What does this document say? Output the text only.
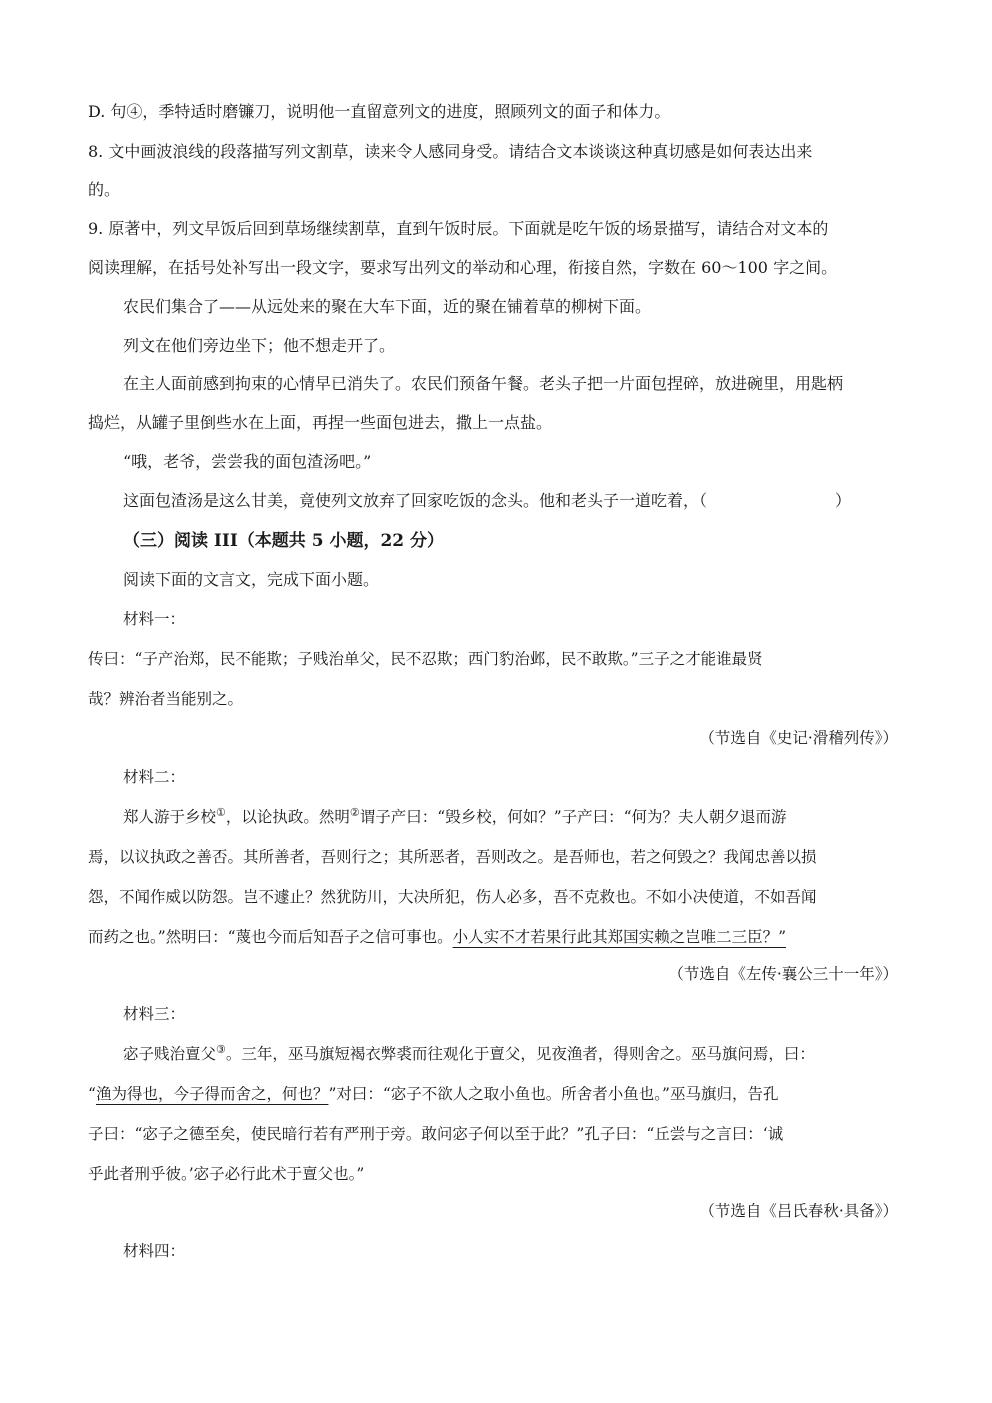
D. 句④，季特适时磨镰刀，说明他一直留意列文的进度，照顾列文的面子和体力。
8. 文中画波浪线的段落描写列文割草，读来令人感同身受。请结合文本谈谈这种真切感是如何表达出来
的。
9. 原著中，列文早饭后回到草场继续割草，直到午饭时辰。下面就是吃午饭的场景描写，请结合对文本的
阅读理解，在括号处补写出一段文字，要求写出列文的举动和心理，衔接自然，字数在 60～100 字之间。
农民们集合了——从远处来的聚在大车下面，近的聚在铺着草的柳树下面。
列文在他们旁边坐下；他不想走开了。
在主人面前感到拘束的心情早已消失了。农民们预备午餐。老头子把一片面包捏碎，放进碗里，用匙柄
捣烂，从罐子里倒些水在上面，再捏一些面包进去，撒上一点盐。
“哦，老爷，尝尝我的面包渣汤吧。”
这面包渣汤是这么甘美，竟使列文放弃了回家吃饭的念头。他和老头子一道吃着，（	）
（三）阅读 III（本题共 5 小题，22 分）
阅读下面的文言文，完成下面小题。
材料一：
传曰：“子产治郑，民不能欺；子贱治单父，民不忍欺；西门豹治邺，民不敢欺。”三子之才能谁最贤
哉？辨治者当能别之。
（节选自《史记·滑稽列传》）
材料二：
郑人游于乡校①，以论执政。然明②谓子产曰：“毁乡校，何如？”子产曰：“何为？夫人朝夕退而游
焉，以议执政之善否。其所善者，吾则行之；其所恶者，吾则改之。是吾师也，若之何毁之？我闻忠善以损
怨，不闻作威以防怨。岂不遽止？然犹防川，大决所犯，伤人必多，吾不克救也。不如小决使道，不如吾闻
而药之也。”然明曰：“蔑也今而后知吾子之信可事也。小人实不才若果行此其郑国实赖之岂唯二三臣？”
（节选自《左传·襄公三十一年》）
材料三：
宓子贱治亶父③。三年，巫马旗短褐衣弊裘而往观化于亶父，见夜渔者，得则舍之。巫马旗问焉，曰：
“渔为得也，今子得而舍之，何也？”对曰：“宓子不欲人之取小鱼也。所舍者小鱼也。”巫马旗归，告孔
子曰：“宓子之德至矣，使民暗行若有严刑于旁。敢问宓子何以至于此？”孔子曰：“丘尝与之言曰：‘诚
乎此者刑乎彼。’宓子必行此术于亶父也。”
（节选自《吕氏春秋·具备》）
材料四：
